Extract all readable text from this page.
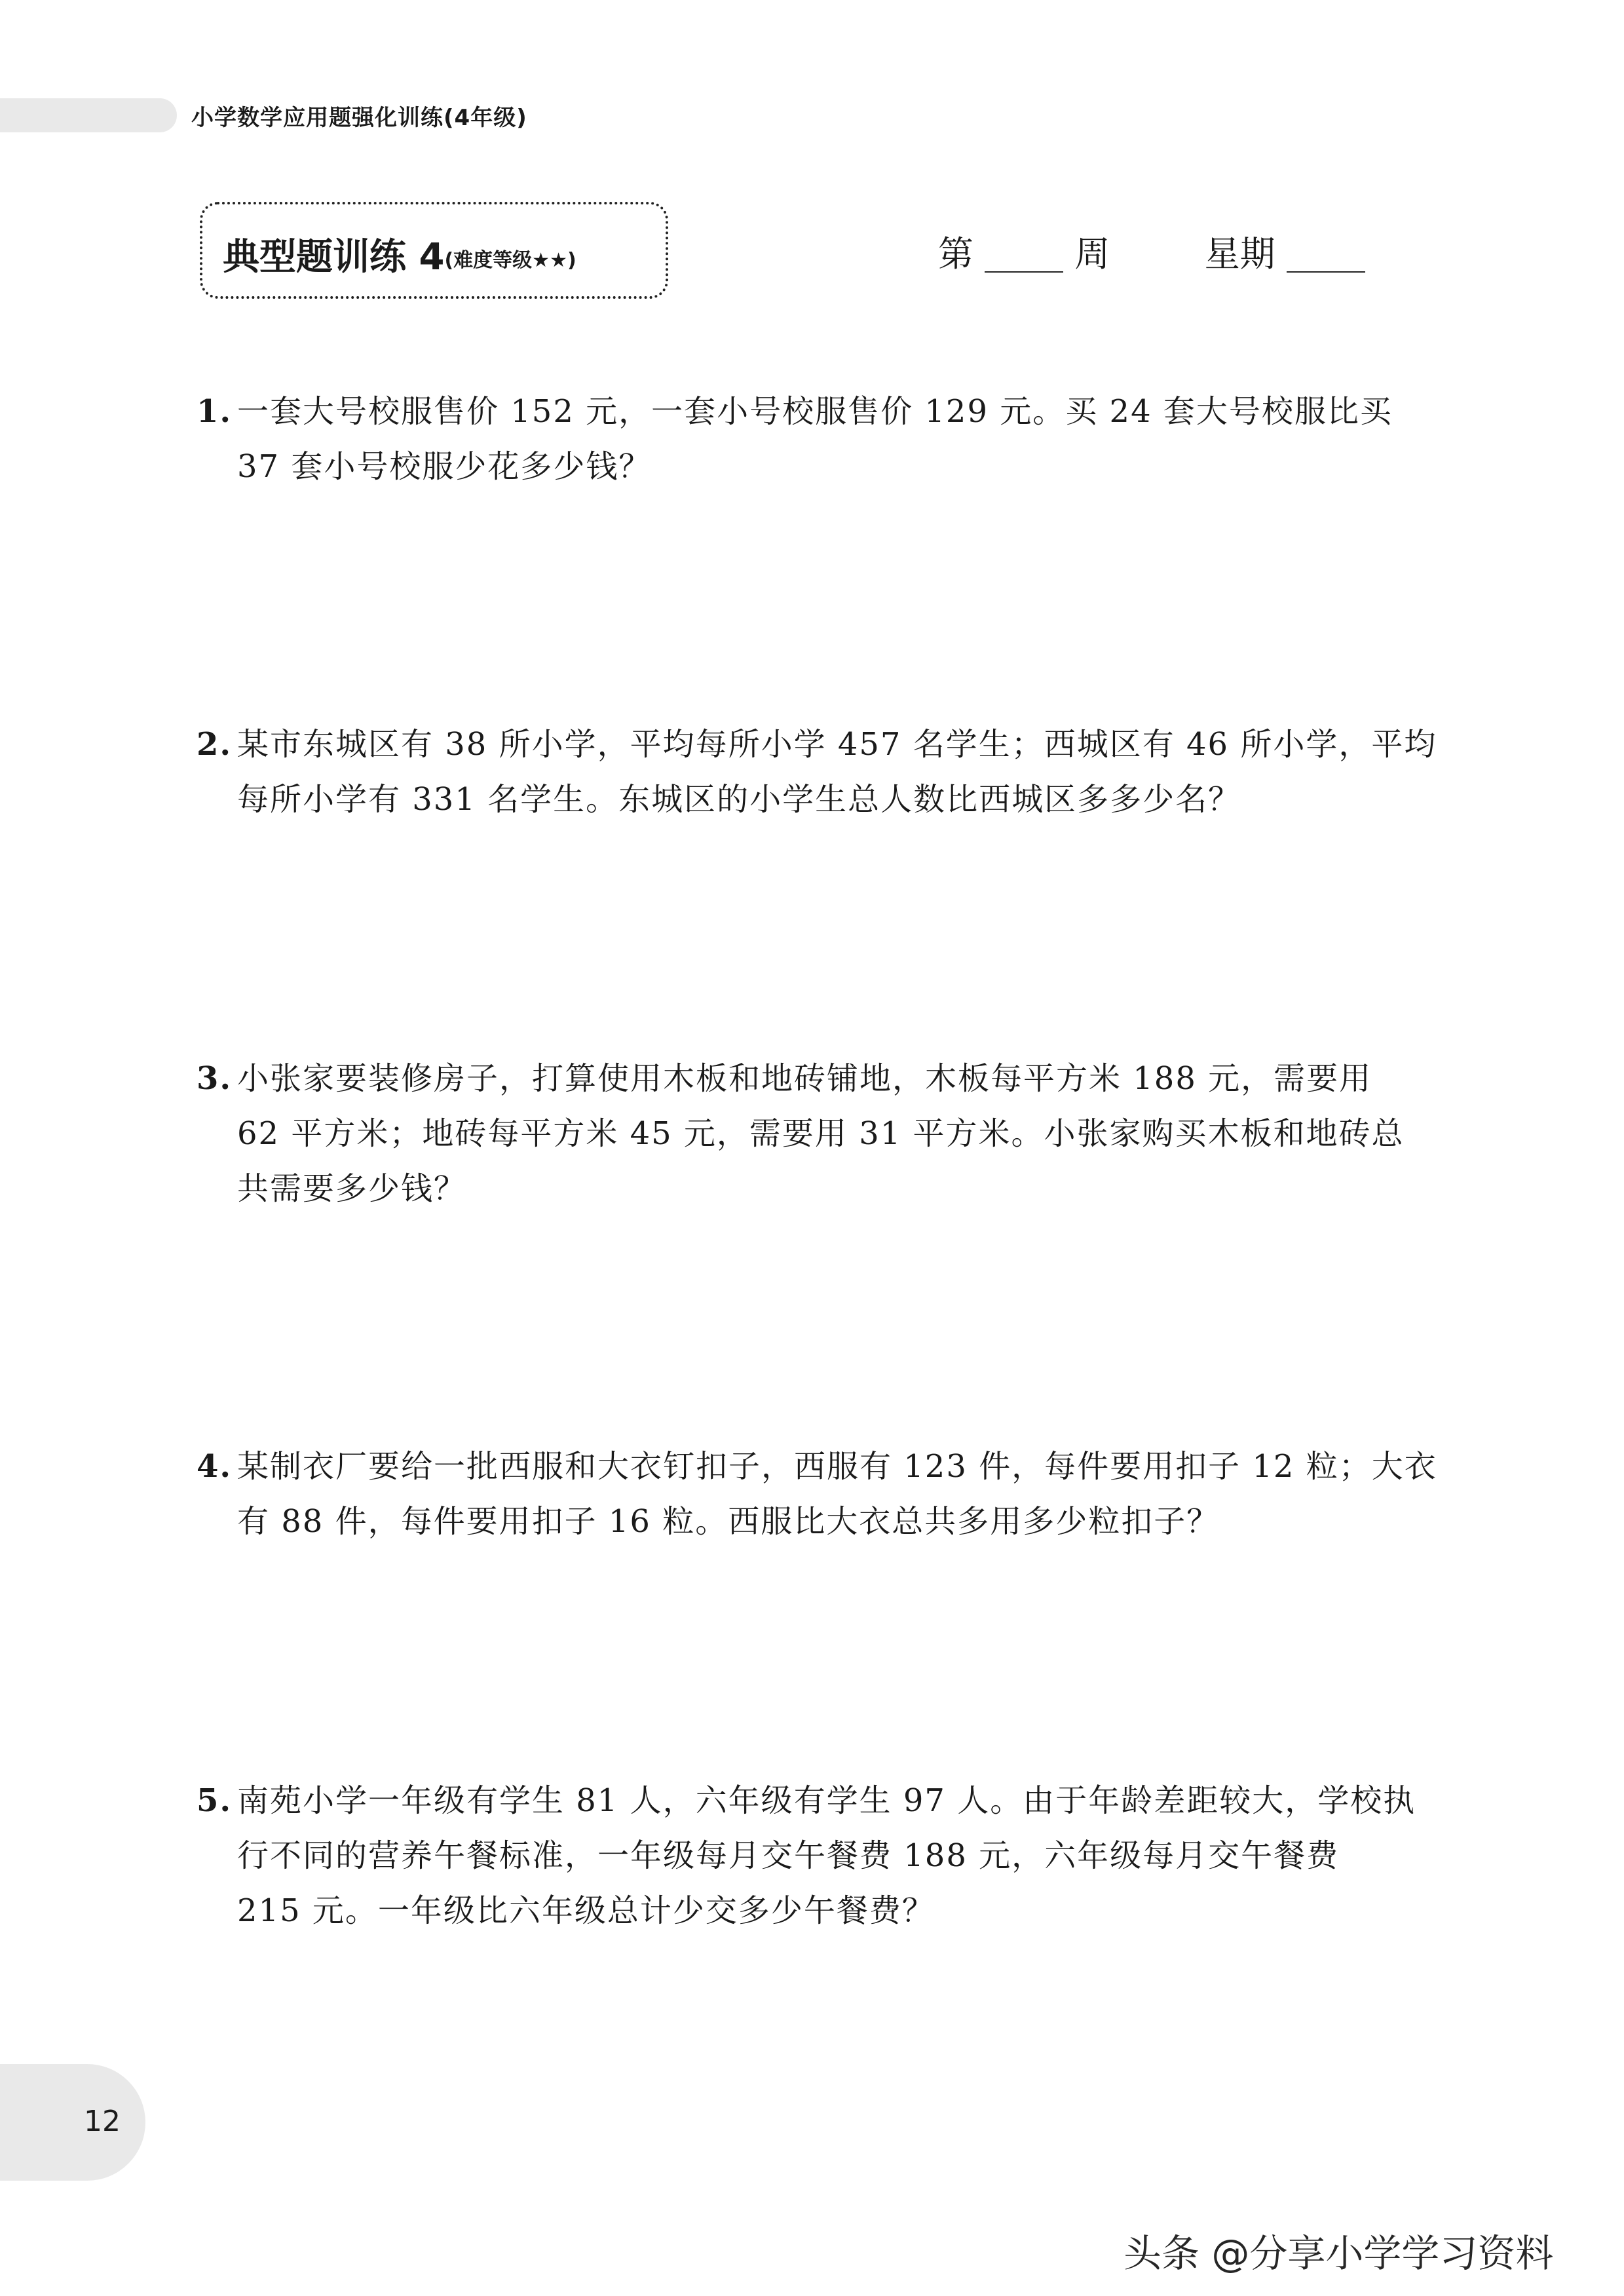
小学数学应用题强化训练(4年级)
典型题训练 4(难度等级★★)	第	周	星期
1. 一套大号校服售价 152 元，一套小号校服售价 129 元。买 24 套大号校服比买
37 套小号校服少花多少钱？
2. 某市东城区有 38 所小学，平均每所小学 457 名学生；西城区有 46 所小学，平均
每所小学有 331 名学生。东城区的小学生总人数比西城区多多少名？
3. 小张家要装修房子，打算使用木板和地砖铺地，木板每平方米 188 元，需要用
62 平方米；地砖每平方米 45 元，需要用 31 平方米。小张家购买木板和地砖总
共需要多少钱？
4. 某制衣厂要给一批西服和大衣钉扣子，西服有 123 件，每件要用扣子 12 粒；大衣
有 88 件，每件要用扣子 16 粒。西服比大衣总共多用多少粒扣子？
5. 南苑小学一年级有学生 81 人，六年级有学生 97 人。由于年龄差距较大，学校执
行不同的营养午餐标准，一年级每月交午餐费 188 元，六年级每月交午餐费
215 元。一年级比六年级总计少交多少午餐费？
12
头条 @分享小学学习资料
